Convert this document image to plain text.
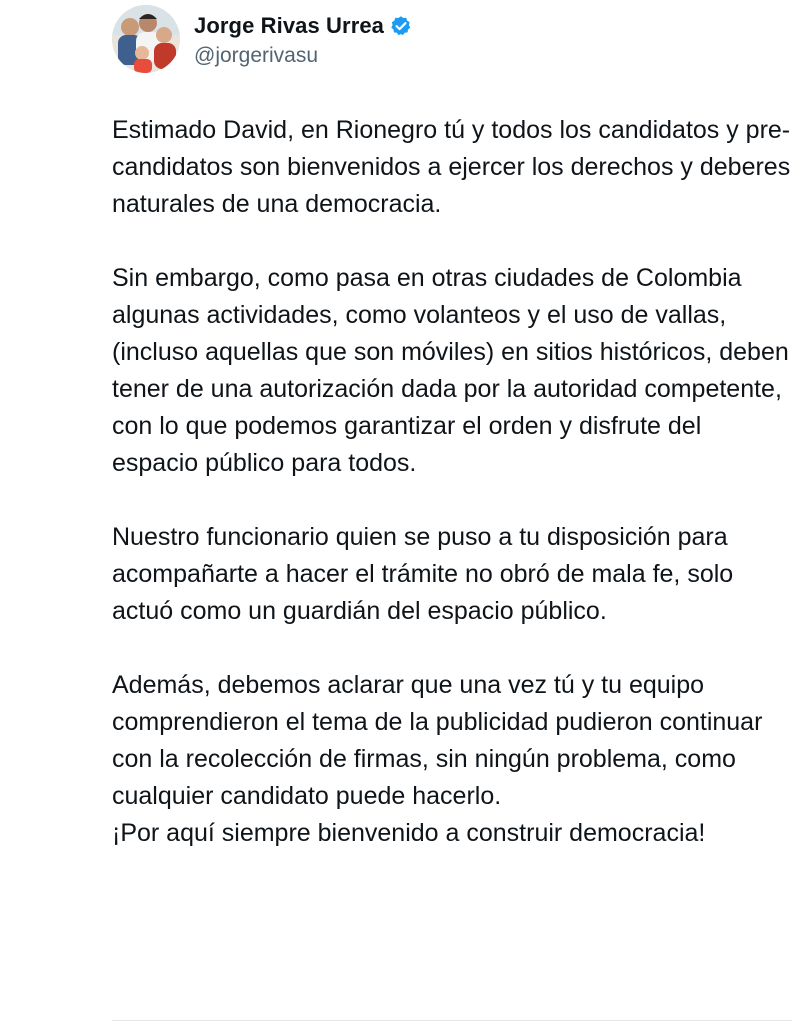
Jorge Rivas Urrea
@jorgerivasu

Estimado David, en Rionegro tú y todos los candidatos y pre-candidatos son bienvenidos a ejercer los derechos y deberes naturales de una democracia.

Sin embargo, como pasa en otras ciudades de Colombia algunas actividades, como volanteos y el uso de vallas, (incluso aquellas que son móviles) en sitios históricos, deben tener de una autorización dada por la autoridad competente, con lo que podemos garantizar el orden y disfrute del espacio público para todos.

Nuestro funcionario quien se puso a tu disposición para acompañarte a hacer el trámite no obró de mala fe, solo actuó como un guardián del espacio público.

Además, debemos aclarar que una vez tú y tu equipo comprendieron el tema de la publicidad pudieron continuar con la recolección de firmas, sin ningún problema, como cualquier candidato puede hacerlo.

¡Por aquí siempre bienvenido a construir democracia!
